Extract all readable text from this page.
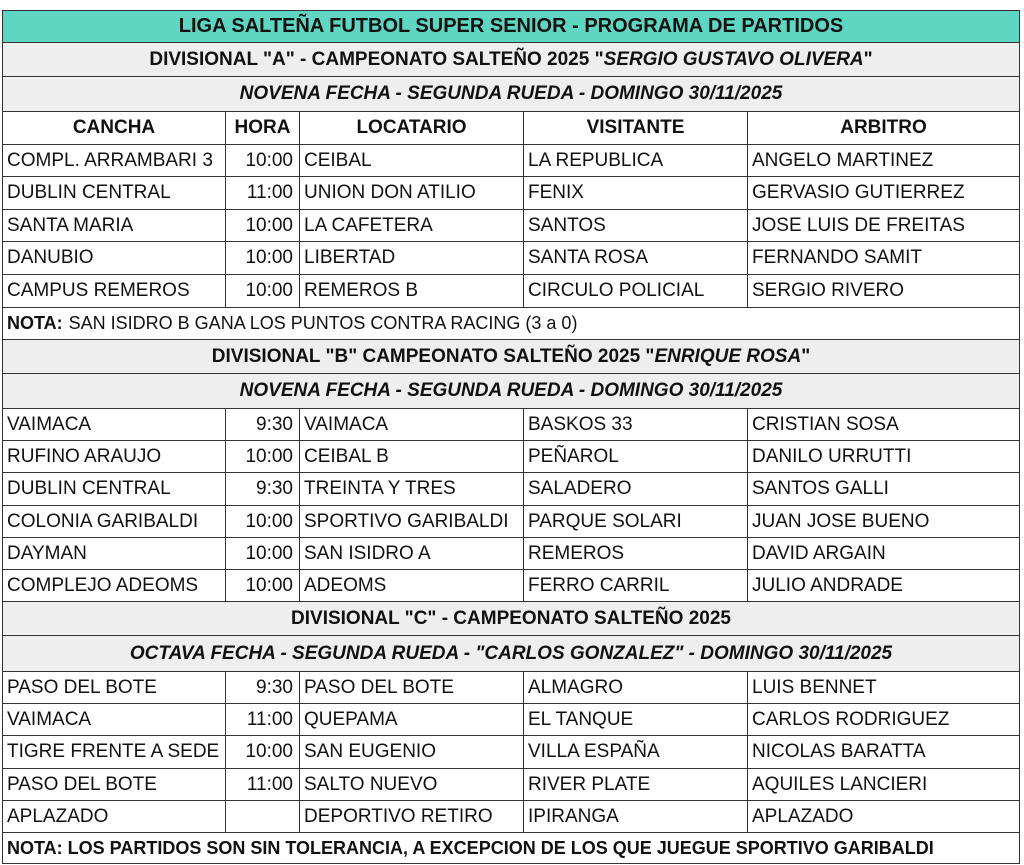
LIGA SALTEÑA FUTBOL SUPER SENIOR - PROGRAMA DE PARTIDOS
DIVISIONAL "A" - CAMPEONATO SALTEÑO 2025 " SERGIO GUSTAVO OLIVERA "
NOVENA FECHA - SEGUNDA RUEDA - DOMINGO 30/11/2025
CANCHA	HORA	LOCATARIO	VISITANTE	ARBITRO
COMPL. ARRAMBARI 3	10:00 CEIBAL	LA REPUBLICA	ANGELO MARTINEZ
DUBLIN CENTRAL	11:00 UNION DON ATILIO	FENIX	GERVASIO GUTIERREZ
SANTA MARIA	10:00 LA CAFETERA	SANTOS	JOSE LUIS DE FREITAS
DANUBIO	10:00 LIBERTAD	SANTA ROSA	FERNANDO SAMIT
CAMPUS REMEROS	10:00 REMEROS B	CIRCULO POLICIAL	SERGIO RIVERO
NOTA: SAN ISIDRO B GANA LOS PUNTOS CONTRA RACING (3 a 0)
DIVISIONAL "B" CAMPEONATO SALTEÑO 2025 " ENRIQUE ROSA "
NOVENA FECHA - SEGUNDA RUEDA - DOMINGO 30/11/2025
VAIMACA	9:30 VAIMACA	BASKOS 33	CRISTIAN SOSA
RUFINO ARAUJO	10:00 CEIBAL B	PEÑAROL	DANILO URRUTTI
DUBLIN CENTRAL	9:30 TREINTA Y TRES	SALADERO	SANTOS GALLI
COLONIA GARIBALDI	10:00 SPORTIVO GARIBALDI	PARQUE SOLARI	JUAN JOSE BUENO
DAYMAN	10:00 SAN ISIDRO A	REMEROS	DAVID ARGAIN
COMPLEJO ADEOMS	10:00 ADEOMS	FERRO CARRIL	JULIO ANDRADE
DIVISIONAL "C" - CAMPEONATO SALTEÑO 2025
OCTAVA FECHA - SEGUNDA RUEDA - "CARLOS GONZALEZ" - DOMINGO 30/11/2025
PASO DEL BOTE	9:30 PASO DEL BOTE	ALMAGRO	LUIS BENNET
VAIMACA	11:00 QUEPAMA	EL TANQUE	CARLOS RODRIGUEZ
TIGRE FRENTE A SEDE	10:00 SAN EUGENIO	VILLA ESPAÑA	NICOLAS BARATTA
PASO DEL BOTE	11:00 SALTO NUEVO	RIVER PLATE	AQUILES LANCIERI
APLAZADO	DEPORTIVO RETIRO	IPIRANGA	APLAZADO
NOTA: LOS PARTIDOS SON SIN TOLERANCIA, A EXCEPCION DE LOS QUE JUEGUE SPORTIVO GARIBALDI
